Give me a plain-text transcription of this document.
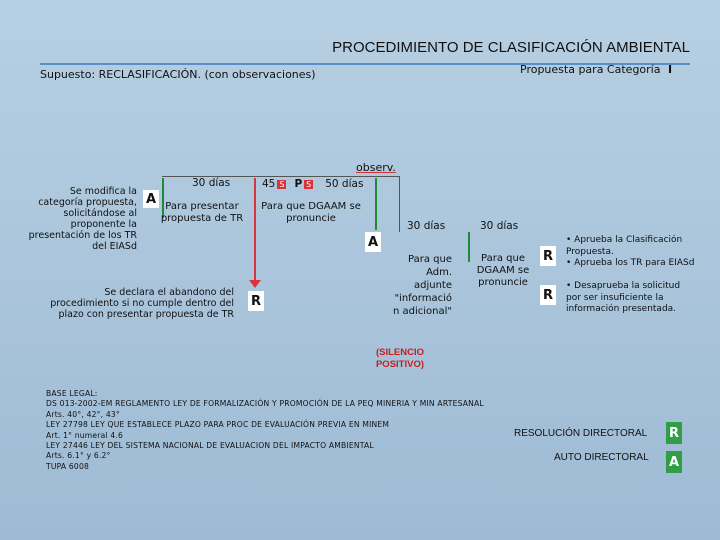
PROCEDIMIENTO DE CLASIFICACIÓN AMBIENTAL
Supuesto: RECLASIFICACIÓN. (con observaciones)	Propuesta para Categoría I
observ.
Se modifica la
categoría propuesta,
solicitándose al
proponente la
presentación de los TR
del EIASd
A
30 días
Para presentar
propuesta de TR
Se declara el abandono del
procedimiento si no cumple dentro del
plazo con presentar propuesta de TR
R
45 S P S 50 días
Para que DGAAM se
pronuncie
A
30 días
Para que
Adm.
adjunte
"informació
n adicional"
30 días
Para que
DGAAM se
pronuncie
R
• Aprueba la Clasificación
Propuesta.
• Aprueba los TR para EIASd
R
• Desaprueba la solicitud
por ser insuficiente la
información presentada.
(SILENCIO
POSITIVO)
BASE LEGAL:
DS 013-2002-EM REGLAMENTO LEY DE FORMALIZACIÓN Y PROMOCIÓN DE LA PEQ MINERIA Y MIN ARTESANAL
Arts. 40°, 42°, 43°
LEY 27798 LEY QUE ESTABLECE PLAZO PARA PROC DE EVALUACIÓN PREVIA EN MINEM
Art. 1° numeral 4.6
LEY 27446 LEY DEL SISTEMA NACIONAL DE EVALUACION DEL IMPACTO AMBIENTAL
Arts. 6.1° y 6.2°
TUPA 6008
RESOLUCIÓN DIRECTORAL R
AUTO DIRECTORAL A
